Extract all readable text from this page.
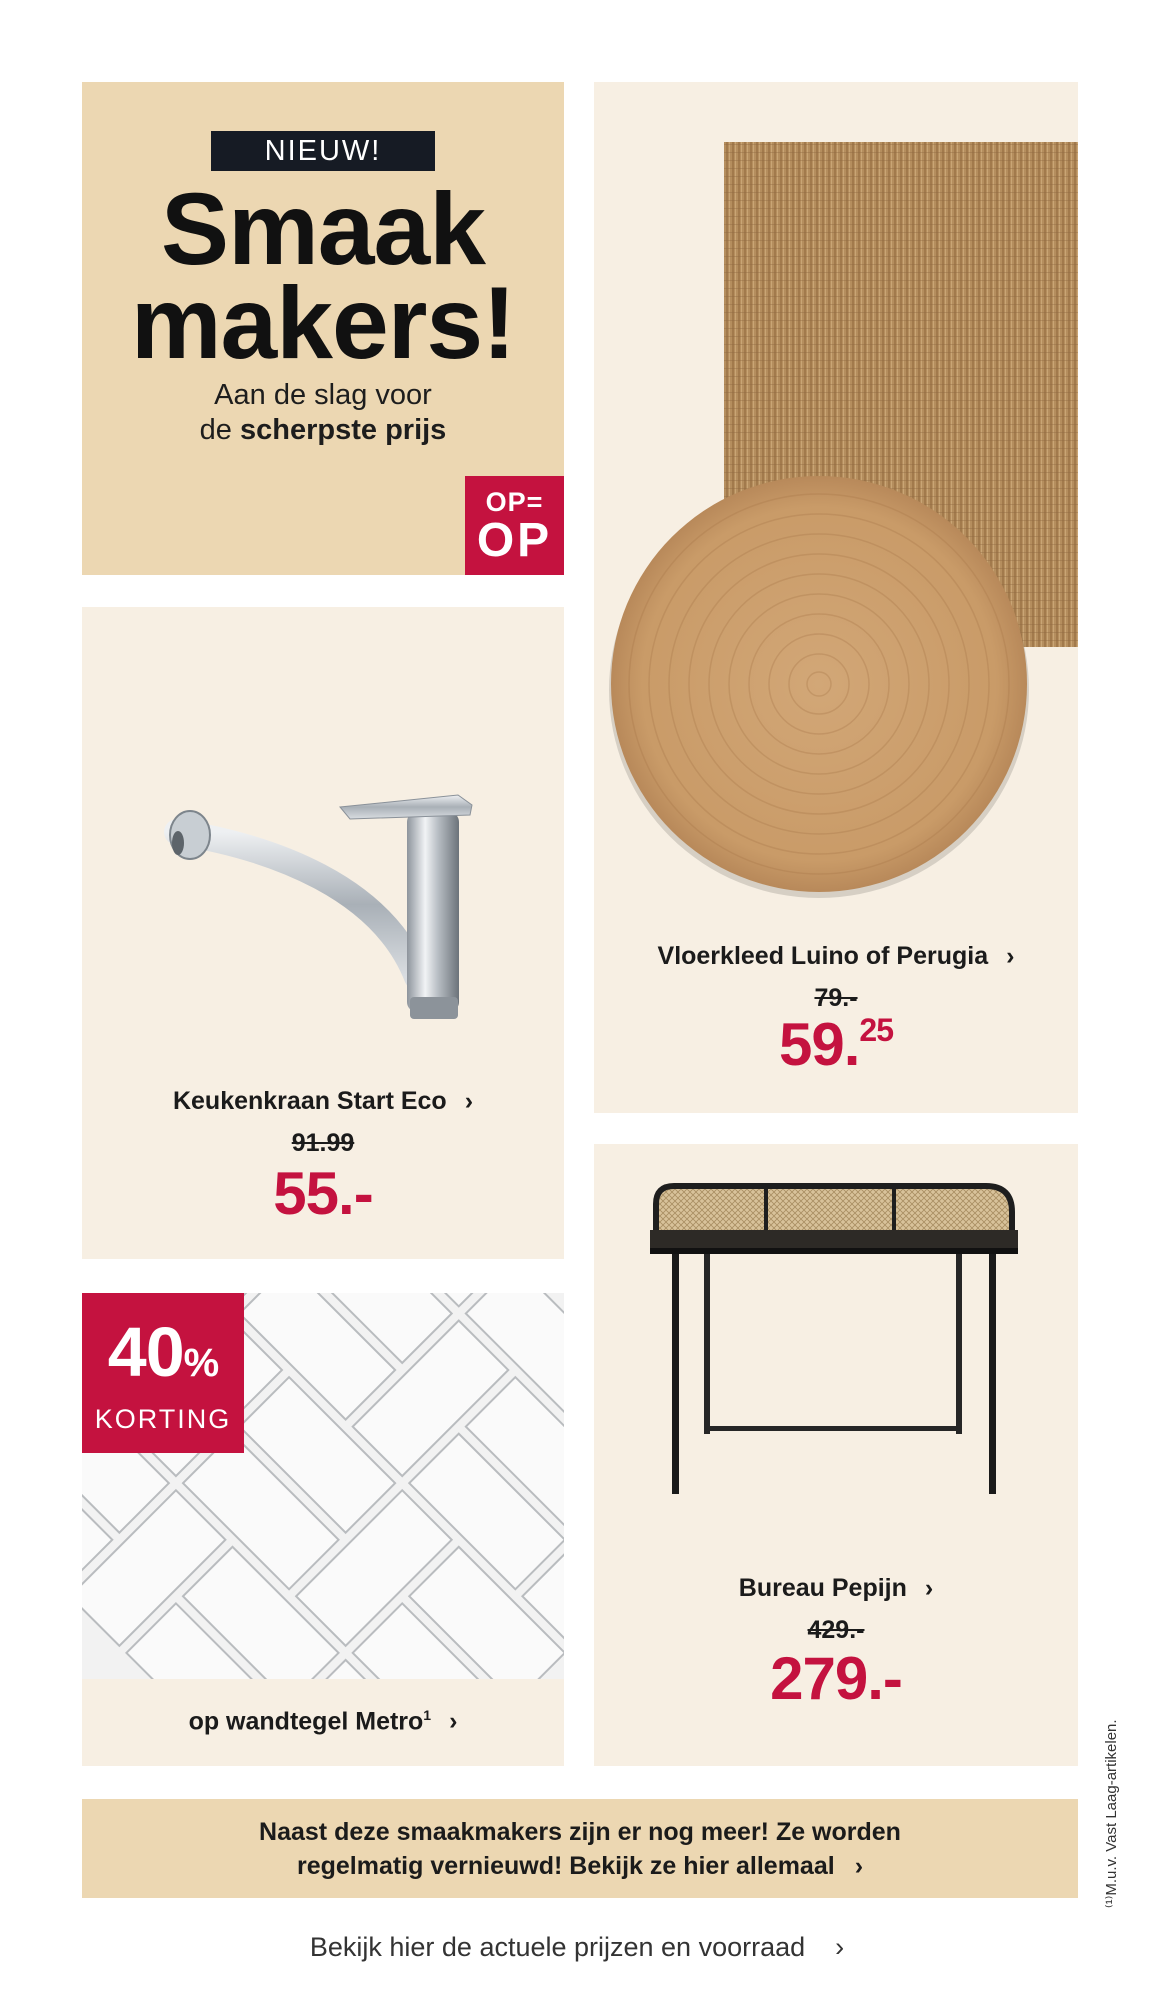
NIEUW!
Smaak
makers!
Aan de slag voor
de scherpste prijs
OP=
OP
Vloerkleed Luino of Perugia ›
79.-
59.25
Keukenkraan Start Eco ›
91.99
55.-
40%
KORTING
op wandtegel Metro$^1$ ›
Bureau Pepijn ›
429.-
279.-
Naast deze smaakmakers zijn er nog meer! Ze worden
regelmatig vernieuwd! Bekijk ze hier allemaal ›
Bekijk hier de actuele prijzen en voorraad ›
⁽¹⁾M.u.v. Vast Laag-artikelen.
